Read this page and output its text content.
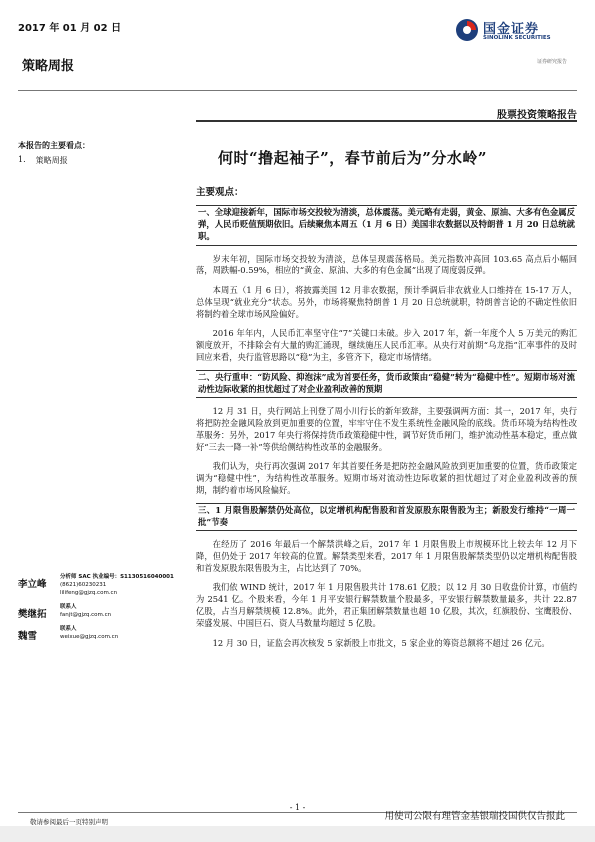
2017 年 01 月 02 日	国金证券
SINOLINK SECURITIES
证券研究报告
策略周报
股票投资策略报告
本报告的主要看点：
1. 策略周报	何时“撸起袖子”，春节前后为”分水岭”
主要观点：
一、全球迎接新年，国际市场交投较为清淡，总体震荡。美元略有走弱，黄金、原油、大多有色金属反弹，人民币贬值预期依旧。后续聚焦本周五（1 月 6 日）美国非农数据以及特朗普 1 月 20 日总统就职。

岁末年初，国际市场交投较为清淡，总体呈现震荡格局。美元指数冲高回 103.65 高点后小幅回落，周跌幅-0.59%，相应的“黄金、原油、大多的有色金属”出现了周度弱反弹。

本周五（1 月 6 日），将披露美国 12 月非农数据，预计季调后非农就业人口维持在 15-17 万人，总体呈现“就业充分”状态。另外，市场将聚焦特朗普 1 月 20 日总统就职，特朗普言论的不确定性依旧将制约着全球市场风险偏好。

2016 年年内，人民币汇率坚守住“7”关键口未破。步入 2017 年，新一年度个人 5 万美元的购汇额度放开，不排除会有大量的购汇涌现，继续施压人民币汇率。从央行对前期“乌龙指”汇率事件的及时回应来看，央行监管思路以“稳”为主，多管齐下，稳定市场情绪。

二、央行重申：“防风险、抑泡沫”成为首要任务，货币政策由“稳健”转为“稳健中性”。短期市场对流动性边际收紧的担忧超过了对企业盈利改善的预期

12 月 31 日，央行网站上刊登了周小川行长的新年致辞，主要强调两方面：其一，2017 年，央行将把防控金融风险放到更加重要的位置，牢牢守住不发生系统性金融风险的底线。货币环境为结构性改革服务：另外，2017 年央行将保持货币政策稳健中性，调节好货币闸门，维护流动性基本稳定，重点做好“三去一降一补”等供给侧结构性改革的金融服务。

我们认为，央行再次强调 2017 年其首要任务是把防控金融风险放到更加重要的位置，货币政策定调为“稳健中性”，为结构性改革服务。短期市场对流动性边际收紧的担忧超过了对企业盈利改善的预期，制约着市场风险偏好。

三、1 月限售股解禁仍处高位，以定增机构配售股和首发原股东限售股为主；新股发行维持“一周一批”节奏

在经历了 2016 年最后一个解禁洪峰之后，2017 年 1 月限售股上市规模环比上较去年 12 月下降，但仍处于 2017 年较高的位置。解禁类型来看，2017 年 1 月限售股解禁类型仍以定增机构配售股和首发原股东限售股为主，占比达到了 70%。

我们依 WIND 统计，2017 年 1 月限售股共计 178.61 亿股；以 12 月 30 日收盘价计算，市值约为 2541 亿。个股来看，今年 1 月平安银行解禁数量个股最多，平安银行解禁数量最多，共计 22.87 亿股，占当月解禁规模 12.8%。此外，君正集团解禁数量也超 10 亿股，其次，红旗股份、宝鹰股份、荣盛发展、中国巨石、资人马数量均超过 5 亿股。

12 月 30 日，证监会再次核发 5 家新股上市批文，5 家企业的筹资总额将不超过 26 亿元。

李立峰
分析师 SAC 执业编号：S1130516040001
(8621)60230231
lilifeng@gjzq.com.cn
樊继拓
联系人
fanjt@gjzq.com.cn
魏雪
联系人
weixue@gjzq.com.cn
- 1 -
敬请参阅最后一页特别声明	用使司公限有理管金基银瑞投国供仅告报此
